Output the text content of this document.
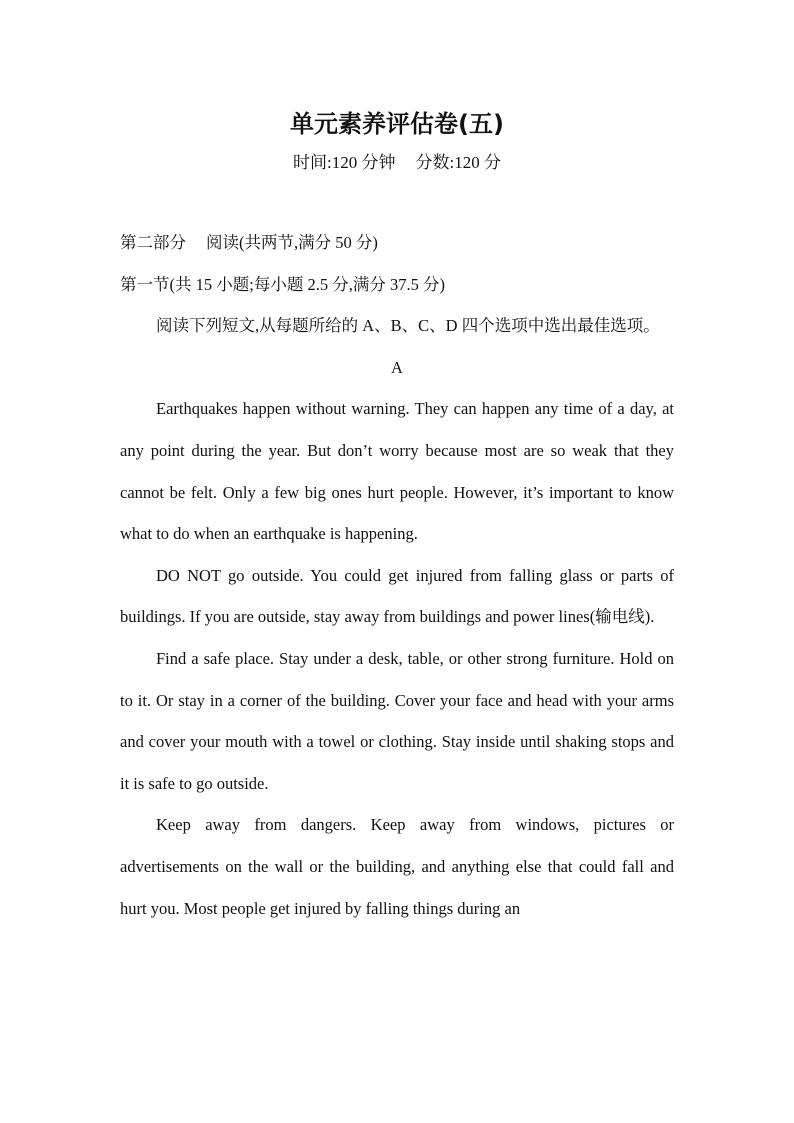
单元素养评估卷(五)
时间:120 分钟 分数:120 分

第二部分 阅读(共两节,满分 50 分)

第一节(共 15 小题;每小题 2.5 分,满分 37.5 分)

阅读下列短文,从每题所给的 A、B、C、D 四个选项中选出最佳选项。

A

Earthquakes happen without warning. They can happen any time of a day, at any point during the year. But don’t worry because most are so weak that they cannot be felt. Only a few big ones hurt people. However, it’s important to know what to do when an earthquake is happening.

DO NOT go outside. You could get injured from falling glass or parts of buildings. If you are outside, stay away from buildings and power lines(输电线).

Find a safe place. Stay under a desk, table, or other strong furniture. Hold on to it. Or stay in a corner of the building. Cover your face and head with your arms and cover your mouth with a towel or clothing. Stay inside until shaking stops and it is safe to go outside.

Keep away from dangers. Keep away from windows, pictures or advertisements on the wall or the building, and anything else that could fall and hurt you. Most people get injured by falling things during an
